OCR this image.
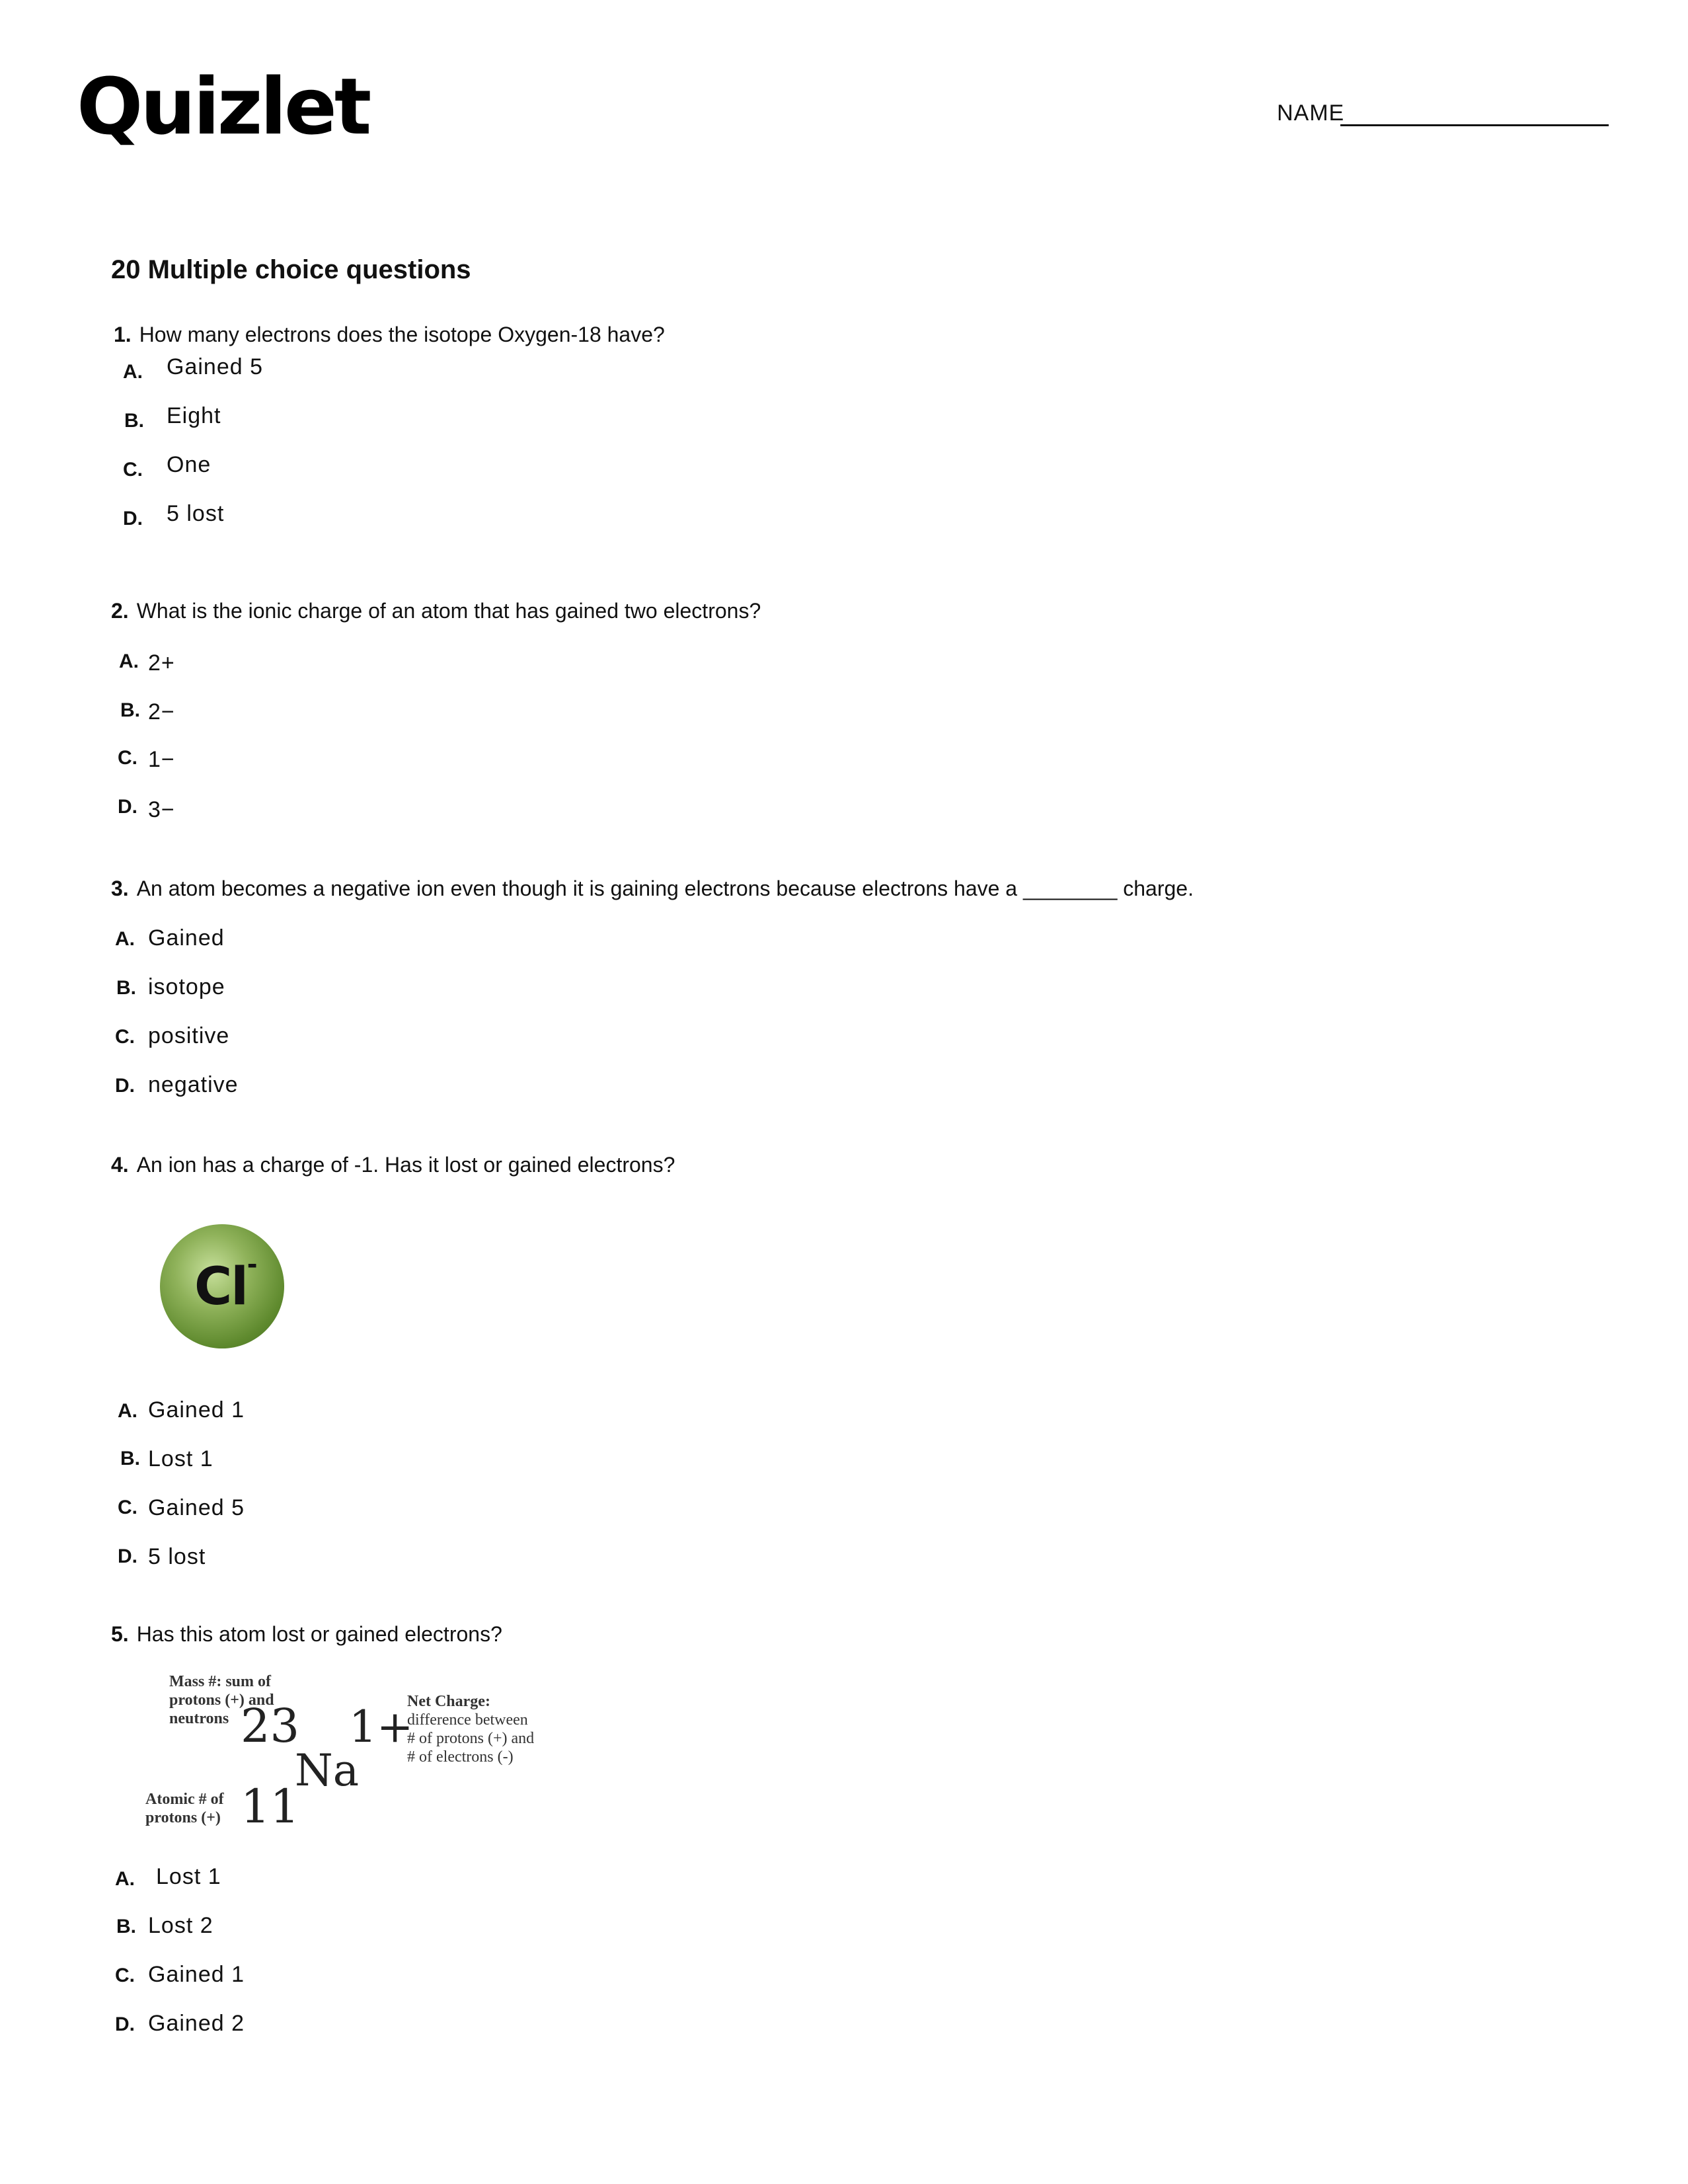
Quizlet	NAME
20 Multiple choice questions
1. How many electrons does the isotope Oxygen-18 have?
A. Gained 5
B. Eight
C. One
D. 5 lost
2. What is the ionic charge of an atom that has gained two electrons?
A. 2+
B. 2−
C. 1−
D. 3−
3. An atom becomes a negative ion even though it is gaining electrons because electrons have a ________ charge.
A. Gained
B. isotope
C. positive
D. negative
4. An ion has a charge of -1. Has it lost or gained electrons?
Cl -
A. Gained 1
B. Lost 1
C. Gained 5
D. 5 lost
5. Has this atom lost or gained electrons?
Mass #: sum of
protons (+) and
neutrons 23 1+
Net Charge:
difference between
# of protons (+) and
# of electrons (-)
Na
Atomic # of
protons (+) 11
A. Lost 1
B. Lost 2
C. Gained 1
D. Gained 2
